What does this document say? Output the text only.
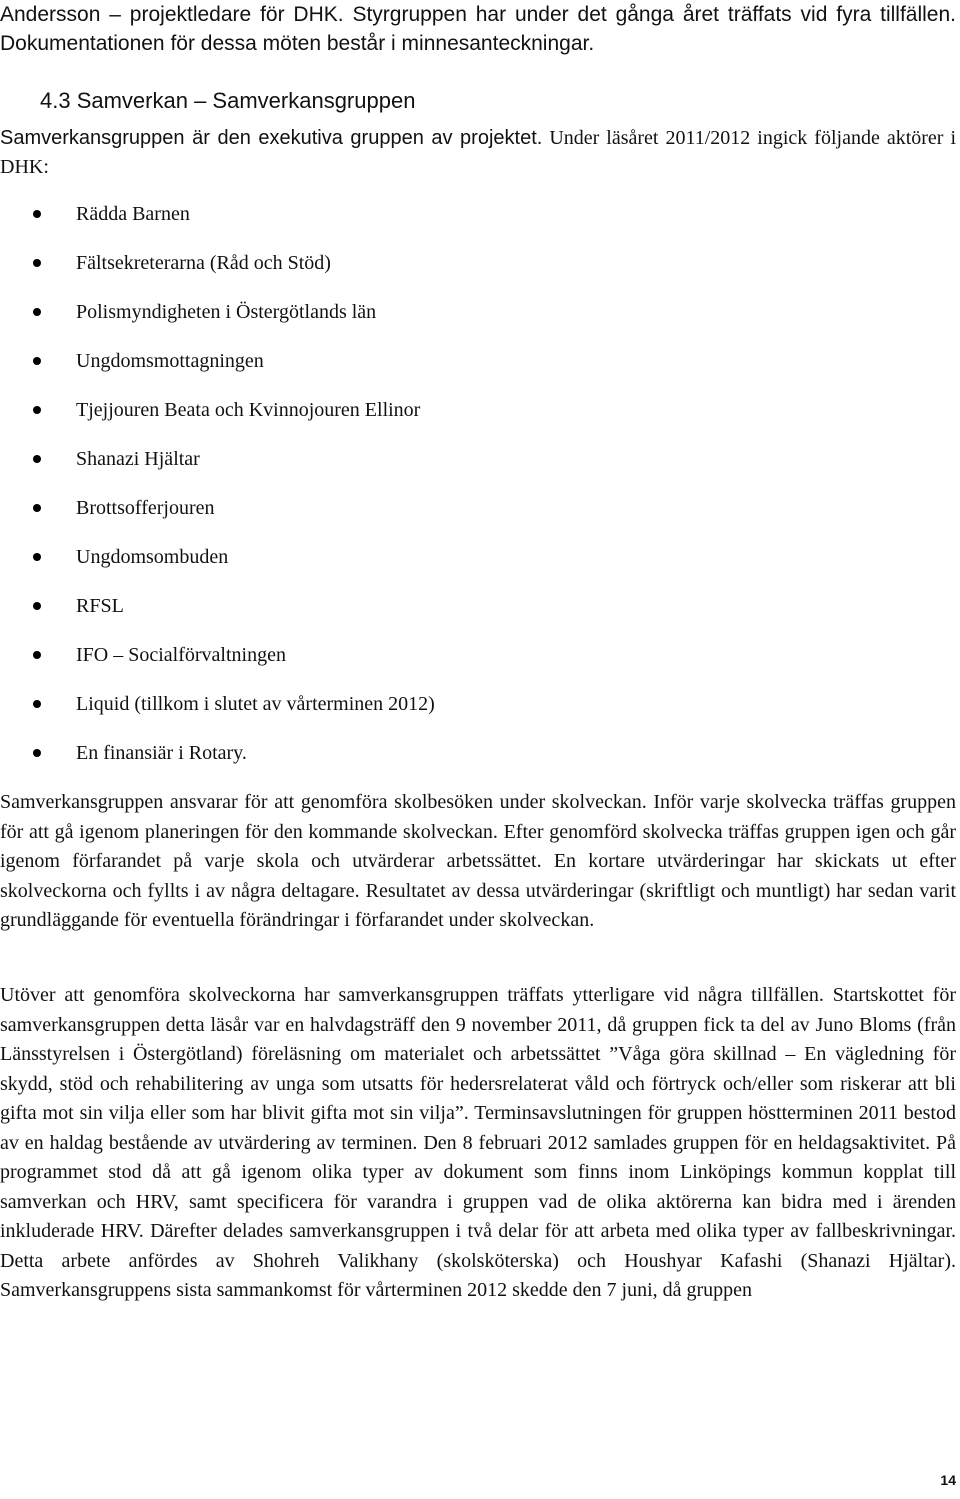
Andersson – projektledare för DHK. Styrgruppen har under det gånga året träffats vid fyra tillfällen. Dokumentationen för dessa möten består i minnesanteckningar.

4.3 Samverkan – Samverkansgruppen

Samverkansgruppen är den exekutiva gruppen av projektet. Under läsåret 2011/2012 ingick följande aktörer i DHK:

Rädda Barnen
Fältsekreterarna (Råd och Stöd)
Polismyndigheten i Östergötlands län
Ungdomsmottagningen
Tjejjouren Beata och Kvinnojouren Ellinor
Shanazi Hjältar
Brottsofferjouren
Ungdomsombuden
RFSL
IFO – Socialförvaltningen
Liquid (tillkom i slutet av vårterminen 2012)
En finansiär i Rotary.

Samverkansgruppen ansvarar för att genomföra skolbesöken under skolveckan. Inför varje skolvecka träffas gruppen för att gå igenom planeringen för den kommande skolveckan. Efter genomförd skolvecka träffas gruppen igen och går igenom förfarandet på varje skola och utvärderar arbetssättet. En kortare utvärderingar har skickats ut efter skolveckorna och fyllts i av några deltagare. Resultatet av dessa utvärderingar (skriftligt och muntligt) har sedan varit grundläggande för eventuella förändringar i förfarandet under skolveckan.

Utöver att genomföra skolveckorna har samverkansgruppen träffats ytterligare vid några tillfällen. Startskottet för samverkansgruppen detta läsår var en halvdagsträff den 9 november 2011, då gruppen fick ta del av Juno Bloms (från Länsstyrelsen i Östergötland) föreläsning om materialet och arbetssättet ”Våga göra skillnad – En vägledning för skydd, stöd och rehabilitering av unga som utsatts för hedersrelaterat våld och förtryck och/eller som riskerar att bli gifta mot sin vilja eller som har blivit gifta mot sin vilja”. Terminsavslutningen för gruppen höstterminen 2011 bestod av en haldag bestående av utvärdering av terminen. Den 8 februari 2012 samlades gruppen för en heldagsaktivitet. På programmet stod då att gå igenom olika typer av dokument som finns inom Linköpings kommun kopplat till samverkan och HRV, samt specificera för varandra i gruppen vad de olika aktörerna kan bidra med i ärenden inkluderade HRV. Därefter delades samverkansgruppen i två delar för att arbeta med olika typer av fallbeskrivningar. Detta arbete anfördes av Shohreh Valikhany (skolsköterska) och Houshyar Kafashi (Shanazi Hjältar). Samverkansgruppens sista sammankomst för vårterminen 2012 skedde den 7 juni, då gruppen

14
